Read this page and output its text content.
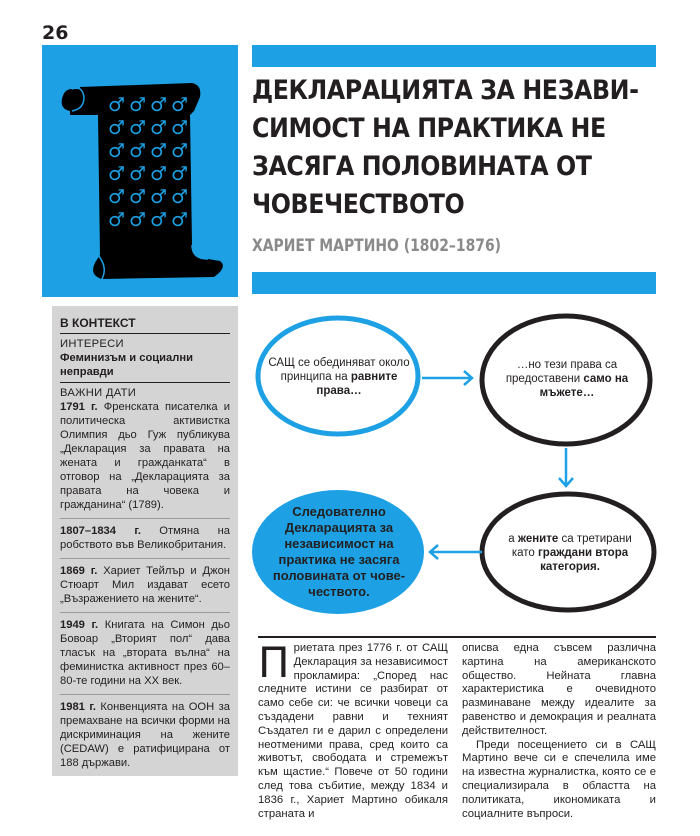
26
♂ ♂ ♂ ♂
♂ ♂ ♂ ♂
♂ ♂ ♂ ♂
♂ ♂ ♂ ♂
♂ ♂ ♂ ♂
♂ ♂ ♂ ♂
ДЕКЛАРАЦИЯТА ЗА НЕЗАВИ-
СИМОСТ НА ПРАКТИКА НЕ
ЗАСЯГА ПОЛОВИНАТА ОТ
ЧОВЕЧЕСТВОТО
ХАРИЕТ МАРТИНО (1802–1876)
В КОНТЕКСТ
ИНТЕРЕСИ
Феминизъм и социални
неправди
ВАЖНИ ДАТИ
1791 г. Френската писателка и политическа активистка Олимпия дьо Гуж публикува „Декларация за правата на жената и гражданката“ в отговор на „Декларацията за правата на човека и гражданина“ (1789).
1807–1834 г. Отмяна на робството във Великобритания.
1869 г. Хариет Тейлър и Джон Стюарт Мил издават есето „Възражението на жените“.
1949 г. Книгата на Симон дьо Бовоар „Вторият пол“ дава тласък на „втората вълна“ на феминистка активност през 60–80-те години на XX век.
1981 г. Конвенцията на ООН за премахване на всички форми на дискриминация на жените (CEDAW) е ратифицирана от 188 държави.
САЩ се обединяват около
принципа на равните
права…
…но тези права са
предоставени само на
мъжете…
а жените са третирани
като граждани втора
категория.
Следователно
Декларацията за
независимост на
практика не засяга
половината от чове-
чеството.
П риетата през 1776 г. от САЩ Декларация за независимост прокламира: „Според нас следните истини се разбират от само себе си: че всички човеци са създадени равни и техният Създател ги е дарил с определени неотменими права, сред които са животът, свободата и стремежът към щастие.“ Повече от 50 години след това събитие, между 1834 и 1836 г., Хариет Мартино обикаля страната и

описва една съвсем различна картина на американското общество. Нейната главна характеристика е очевидното разминаване между идеалите за равенство и демокрация и реалната действителност.

Преди посещението си в САЩ Мартино вече си е спечелила име на известна журналистка, която се е специализирала в областта на политиката, икономиката и социалните въпроси.
